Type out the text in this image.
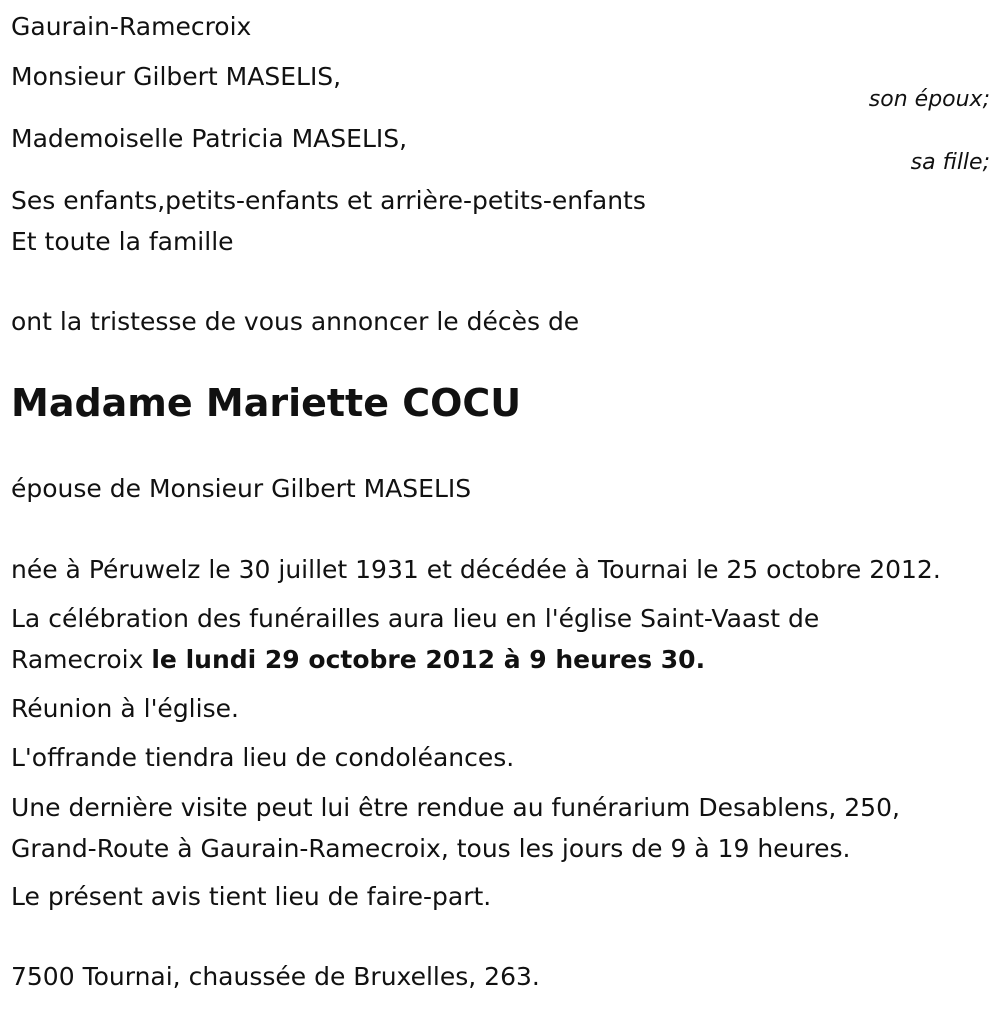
Gaurain-Ramecroix
Monsieur Gilbert MASELIS,
son époux;
Mademoiselle Patricia MASELIS,
sa fille;
Ses enfants,petits-enfants et arrière-petits-enfants
Et toute la famille
ont la tristesse de vous annoncer le décès de
Madame Mariette COCU
épouse de Monsieur Gilbert MASELIS
née à Péruwelz le 30 juillet 1931 et décédée à Tournai le 25 octobre 2012.
La célébration des funérailles aura lieu en l'église Saint-Vaast de
Ramecroix le lundi 29 octobre 2012 à 9 heures 30.
Réunion à l'église.
L'offrande tiendra lieu de condoléances.
Une dernière visite peut lui être rendue au funérarium Desablens, 250,
Grand-Route à Gaurain-Ramecroix, tous les jours de 9 à 19 heures.
Le présent avis tient lieu de faire-part.
7500 Tournai, chaussée de Bruxelles, 263.
